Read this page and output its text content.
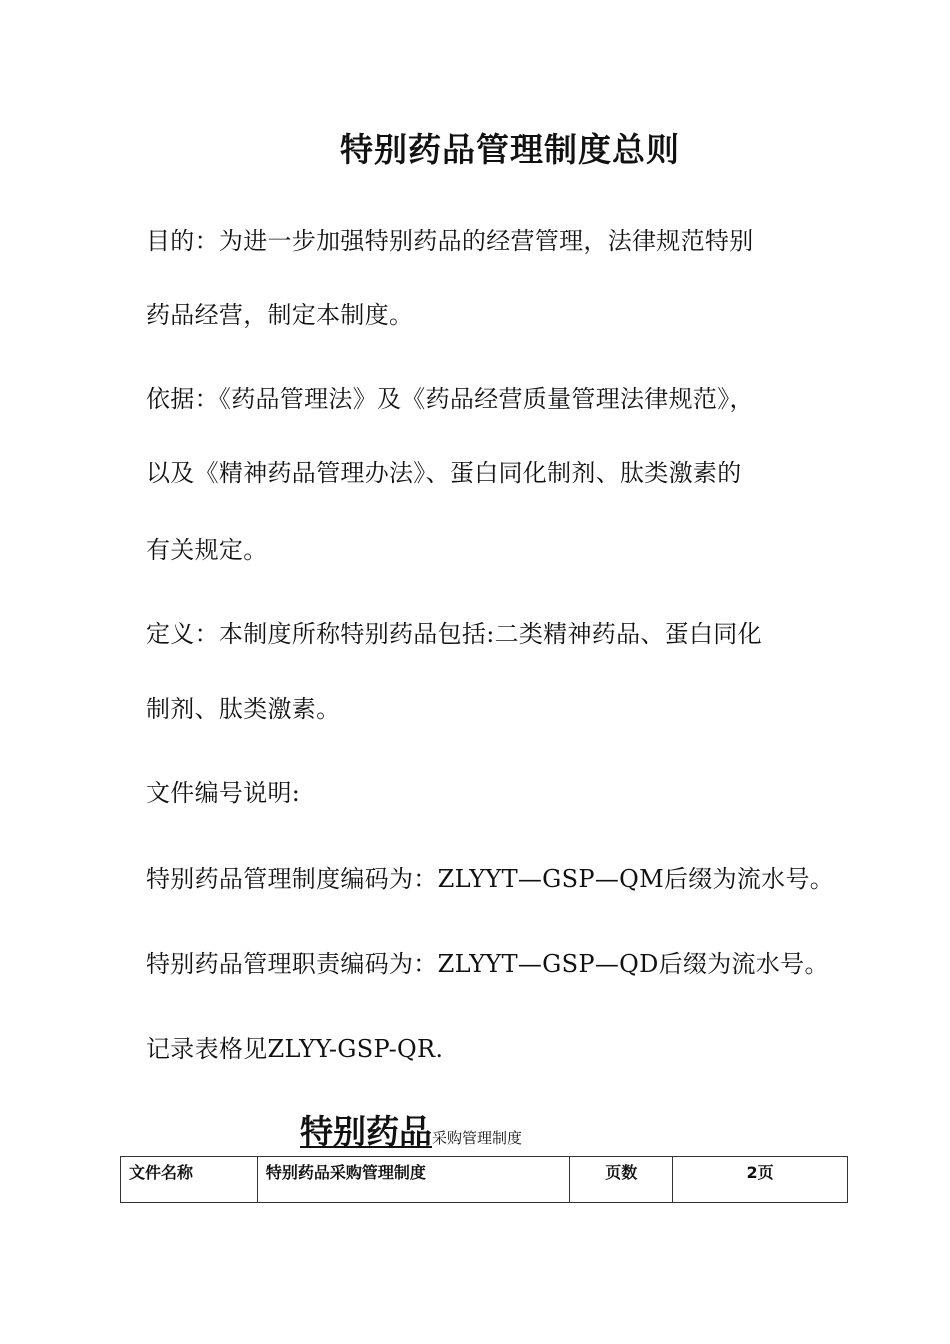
特别药品管理制度总则
目的：为进一步加强特别药品的经营管理，法律规范特别
药品经营，制定本制度。
依据：《药品管理法》及《药品经营质量管理法律规范》，
以及《精神药品管理办法》、蛋白同化制剂、肽类激素的
有关规定。
定义：本制度所称特别药品包括:二类精神药品、蛋白同化
制剂、肽类激素。
文件编号说明:
特别药品管理制度编码为：ZLYYT—GSP—QM后缀为流水号。
特别药品管理职责编码为：ZLYYT—GSP—QD后缀为流水号。
记录表格见ZLYY-GSP-QR.
特别药品采购管理制度
文件名称	特别药品采购管理制度	页数	2页
